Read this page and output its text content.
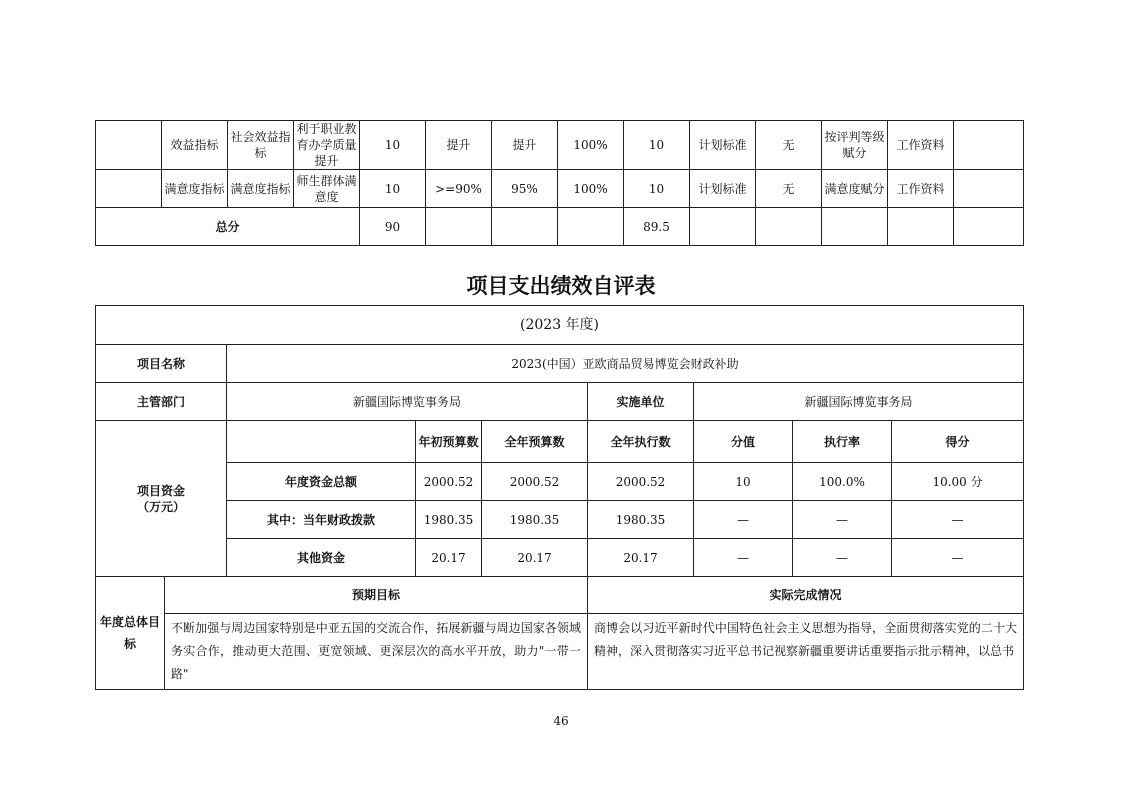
	效益指标	社会效益指标	利于职业教育办学质量提升	10	提升	提升	100%	10	计划标准	无	按评判等级赋分	工作资料	
	满意度指标	满意度指标	师生群体满意度	10	>=90%	95%	100%	10	计划标准	无	满意度赋分	工作资料	
总分				90				89.5					
项目支出绩效自评表
(2023 年度)								
项目名称		2023(中国）亚欧商品贸易博览会财政补助						
主管部门		新疆国际博览事务局			实施单位	新疆国际博览事务局		

项目资金
（万元）			年初预算数	全年预算数	全年执行数	分值	执行率	得分
		年度资金总额	2000.52	2000.52	2000.52	10	100.0%	10.00 分
		其中：当年财政拨款	1980.35	1980.35	1980.35	—	—	—
		其他资金	20.17	20.17	20.17	—	—	—
年度总体目标	预期目标				实际完成情况			
	不断加强与周边国家特别是中亚五国的交流合作，拓展新疆与周边国家各领域务实合作，推动更大范围、更宽领域、更深层次的高水平开放，助力"一带一路"				商博会以习近平新时代中国特色社会主义思想为指导，全面贯彻落实党的二十大精神，深入贯彻落实习近平总书记视察新疆重要讲话重要指示批示精神，以总书			
46
